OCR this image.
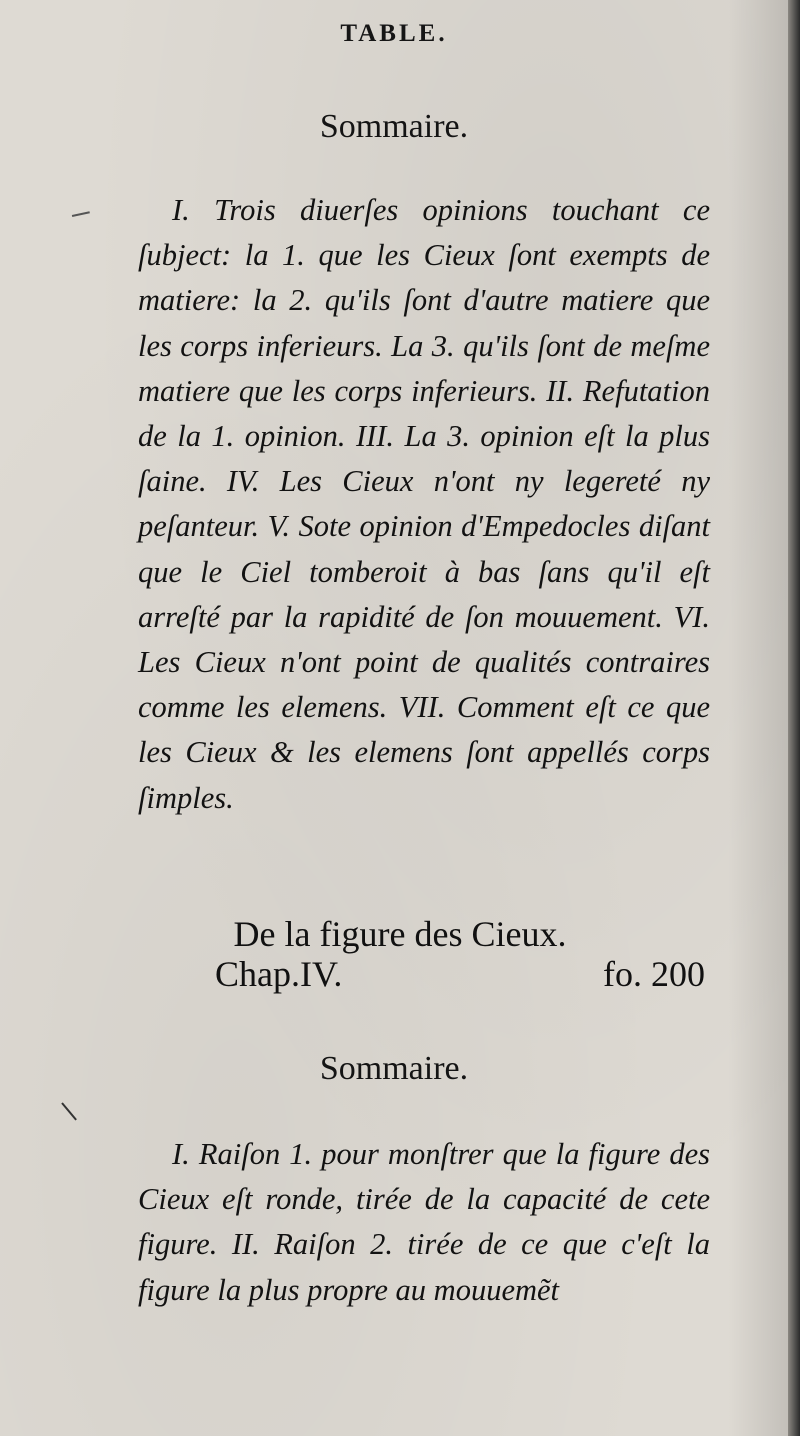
TABLE.
Sommaire.

I. Trois diuerſes opinions touchant ce ſubject: la 1. que les Cieux ſont exempts de matiere: la 2. qu'ils ſont d'autre matiere que les corps inferieurs. La 3. qu'ils ſont de meſme matiere que les corps inferieurs. II. Refutation de la 1. opinion. III. La 3. opinion eſt la plus ſaine. IV. Les Cieux n'ont ny legereté ny peſanteur. V. Sote opinion d'Empedocles diſant que le Ciel tomberoit à bas ſans qu'il eſt arreſté par la rapidité de ſon mouuement. VI. Les Cieux n'ont point de qualités contraires comme les elemens. VII. Comment eſt ce que les Cieux & les elemens ſont appellés corps ſimples.

De la figure des Cieux.
Chap.IV.	fo. 200
Sommaire.

I. Raiſon 1. pour monſtrer que la figure des Cieux eſt ronde, tirée de la capacité de cete figure. II. Raiſon 2. tirée de ce que c'eſt la figure la plus propre au mouuemẽt
